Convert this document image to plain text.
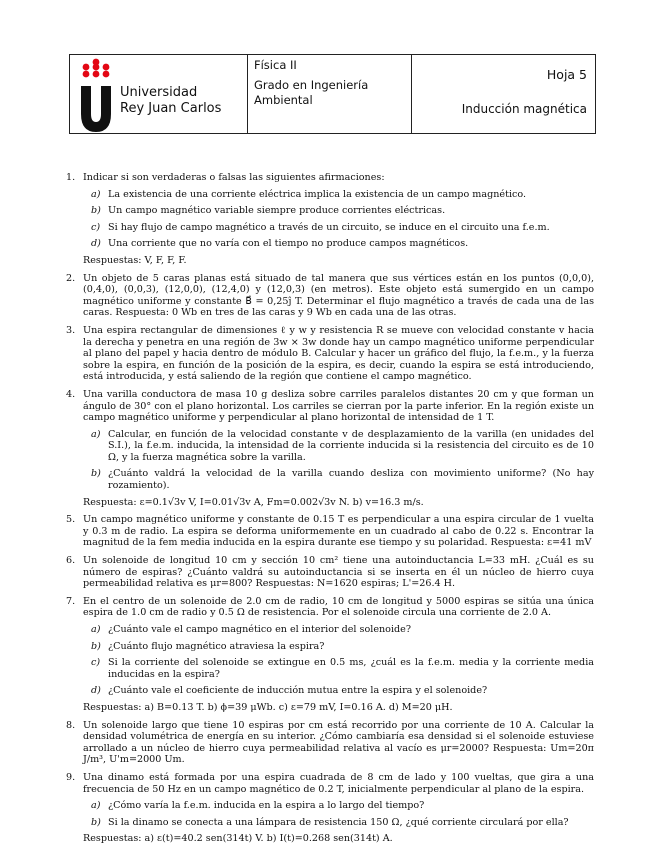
Universidad
Rey Juan Carlos
Física II
Grado en Ingeniería Ambiental
Hoja 5
Inducción magnética
1. Indicar si son verdaderas o falsas las siguientes afirmaciones:

a) La existencia de una corriente eléctrica implica la existencia de un campo magnético.
b) Un campo magnético variable siempre produce corrientes eléctricas.
c) Si hay flujo de campo magnético a través de un circuito, se induce en el circuito una f.e.m.
d) Una corriente que no varía con el tiempo no produce campos magnéticos.

Respuestas: V, F, F, F.

2. Un objeto de 5 caras planas está situado de tal manera que sus vértices están en los puntos (0,0,0), (0,4,0), (0,0,3), (12,0,0), (12,4,0) y (12,0,3) (en metros). Este objeto está sumergido en un campo magnético uniforme y constante B⃗ = 0,25ĵ T. Determinar el flujo magnético a través de cada una de las caras. Respuesta: 0 Wb en tres de las caras y 9 Wb en cada una de las otras.

3. Una espira rectangular de dimensiones ℓ y w y resistencia R se mueve con velocidad constante v hacia la derecha y penetra en una región de 3w × 3w donde hay un campo magnético uniforme perpendicular al plano del papel y hacia dentro de módulo B. Calcular y hacer un gráfico del flujo, la f.e.m., y la fuerza sobre la espira, en función de la posición de la espira, es decir, cuando la espira se está introduciendo, está introducida, y está saliendo de la región que contiene el campo magnético.

4. Una varilla conductora de masa 10 g desliza sobre carriles paralelos distantes 20 cm y que forman un ángulo de 30° con el plano horizontal. Los carriles se cierran por la parte inferior. En la región existe un campo magnético uniforme y perpendicular al plano horizontal de intensidad de 1 T.

a) Calcular, en función de la velocidad constante v de desplazamiento de la varilla (en unidades del S.I.), la f.e.m. inducida, la intensidad de la corriente inducida si la resistencia del circuito es de 10 Ω, y la fuerza magnética sobre la varilla.
b) ¿Cuánto valdrá la velocidad de la varilla cuando desliza con movimiento uniforme? (No hay rozamiento).

Respuesta: ε=0.1√3v V, I=0.01√3v A, Fm=0.002√3v N. b) v=16.3 m/s.

5. Un campo magnético uniforme y constante de 0.15 T es perpendicular a una espira circular de 1 vuelta y 0.3 m de radio. La espira se deforma uniformemente en un cuadrado al cabo de 0.22 s. Encontrar la magnitud de la fem media inducida en la espira durante ese tiempo y su polaridad. Respuesta: ε=41 mV

6. Un solenoide de longitud 10 cm y sección 10 cm² tiene una autoinductancia L=33 mH. ¿Cuál es su número de espiras? ¿Cuánto valdrá su autoinductancia si se inserta en él un núcleo de hierro cuya permeabilidad relativa es μr=800? Respuestas: N=1620 espiras; L'=26.4 H.

7. En el centro de un solenoide de 2.0 cm de radio, 10 cm de longitud y 5000 espiras se sitúa una única espira de 1.0 cm de radio y 0.5 Ω de resistencia. Por el solenoide circula una corriente de 2.0 A.

a) ¿Cuánto vale el campo magnético en el interior del solenoide?
b) ¿Cuánto flujo magnético atraviesa la espira?
c) Si la corriente del solenoide se extingue en 0.5 ms, ¿cuál es la f.e.m. media y la corriente media inducidas en la espira?
d) ¿Cuánto vale el coeficiente de inducción mutua entre la espira y el solenoide?

Respuestas: a) B=0.13 T. b) ϕ=39 μWb. c) ε=79 mV, I=0.16 A. d) M=20 μH.

8. Un solenoide largo que tiene 10 espiras por cm está recorrido por una corriente de 10 A. Calcular la densidad volumétrica de energía en su interior. ¿Cómo cambiaría esa densidad si el solenoide estuviese arrollado a un núcleo de hierro cuya permeabilidad relativa al vacío es μr=2000? Respuesta: Um=20π J/m³, U'm=2000 Um.

9. Una dinamo está formada por una espira cuadrada de 8 cm de lado y 100 vueltas, que gira a una frecuencia de 50 Hz en un campo magnético de 0.2 T, inicialmente perpendicular al plano de la espira.

a) ¿Cómo varía la f.e.m. inducida en la espira a lo largo del tiempo?
b) Si la dinamo se conecta a una lámpara de resistencia 150 Ω, ¿qué corriente circulará por ella?

Respuestas: a) ε(t)=40.2 sen(314t) V. b) I(t)=0.268 sen(314t) A.
